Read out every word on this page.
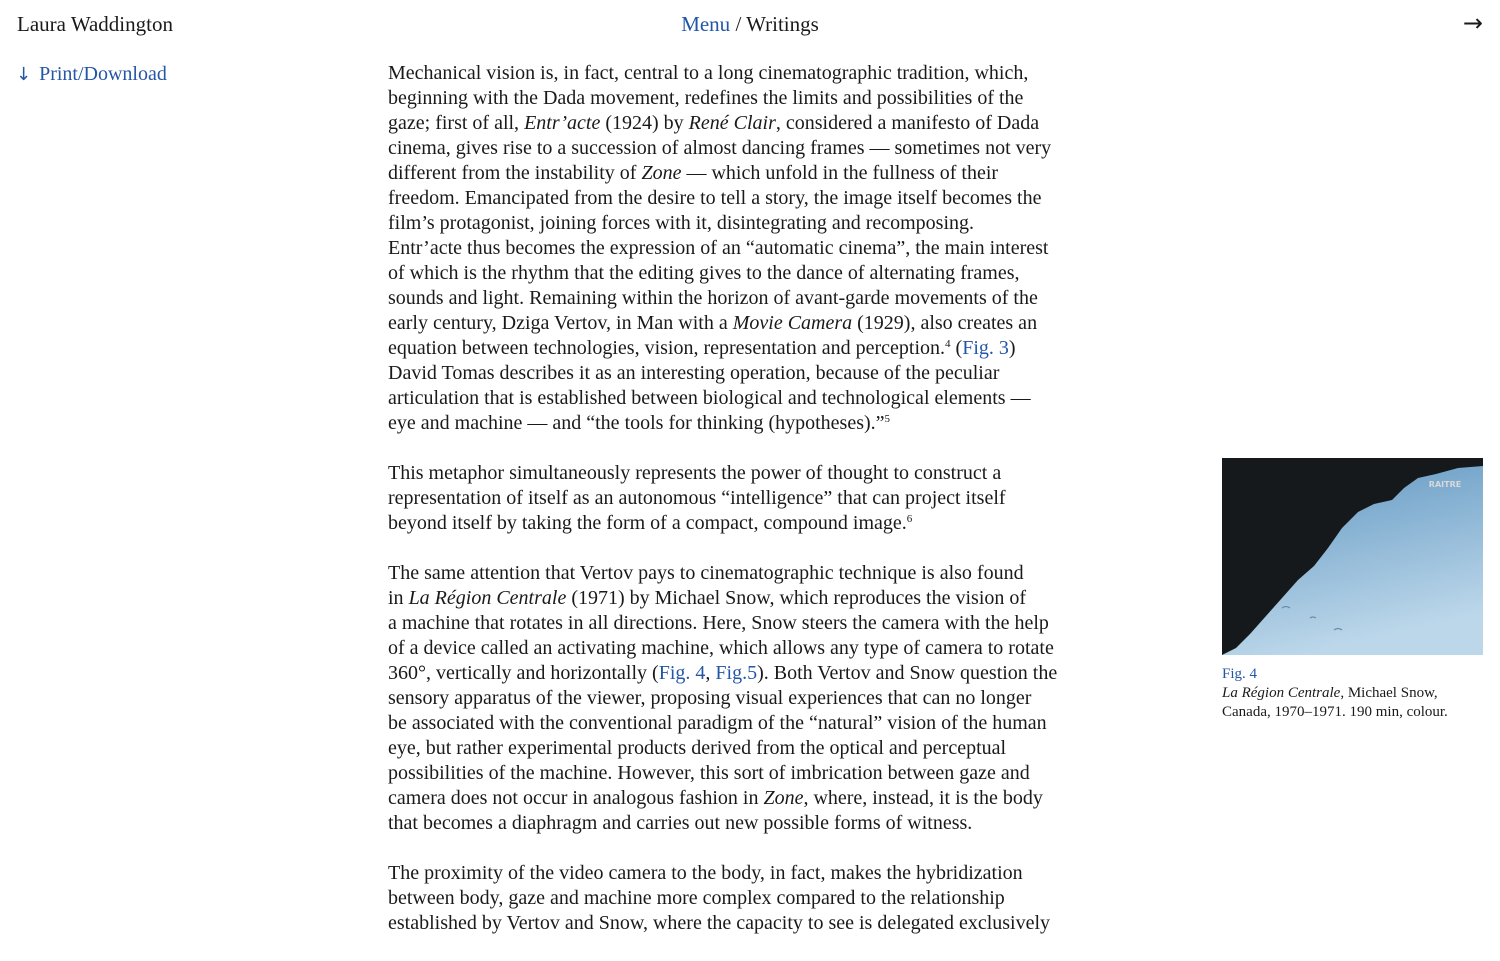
Laura Waddington	Menu / Writings	→
↓ Print/Download	Mechanical vision is, in fact, central to a long cinematographic tradition, which,
beginning with the Dada movement, redefines the limits and possibilities of the
gaze; first of all, Entr’acte (1924) by René Clair, considered a manifesto of Dada
cinema, gives rise to a succession of almost dancing frames — sometimes not very
different from the instability of Zone — which unfold in the fullness of their
freedom. Emancipated from the desire to tell a story, the image itself becomes the
film’s protagonist, joining forces with it, disintegrating and recomposing.
Entr’acte thus becomes the expression of an “automatic cinema”, the main interest
of which is the rhythm that the editing gives to the dance of alternating frames,
sounds and light. Remaining within the horizon of avant-garde movements of the
early century, Dziga Vertov, in Man with a Movie Camera (1929), also creates an
equation between technologies, vision, representation and perception.$^4$ (Fig. 3)
David Tomas describes it as an interesting operation, because of the peculiar
articulation that is established between biological and technological elements —
eye and machine — and “the tools for thinking (hypotheses).”$^5$

This metaphor simultaneously represents the power of thought to construct a
representation of itself as an autonomous “intelligence” that can project itself
beyond itself by taking the form of a compact, compound image.$^6$

The same attention that Vertov pays to cinematographic technique is also found
in La Région Centrale (1971) by Michael Snow, which reproduces the vision of
a machine that rotates in all directions. Here, Snow steers the camera with the help
of a device called an activating machine, which allows any type of camera to rotate
360°, vertically and horizontally (Fig. 4, Fig.5). Both Vertov and Snow question the
sensory apparatus of the viewer, proposing visual experiences that can no longer
be associated with the conventional paradigm of the “natural” vision of the human
eye, but rather experimental products derived from the optical and perceptual
possibilities of the machine. However, this sort of imbrication between gaze and
camera does not occur in analogous fashion in Zone, where, instead, it is the body
that becomes a diaphragm and carries out new possible forms of witness.

The proximity of the video camera to the body, in fact, makes the hybridization
between body, gaze and machine more complex compared to the relationship
established by Vertov and Snow, where the capacity to see is delegated exclusively

RAITRE
Fig. 4
La Région Centrale, Michael Snow,
Canada, 1970–1971. 190 min, colour.
